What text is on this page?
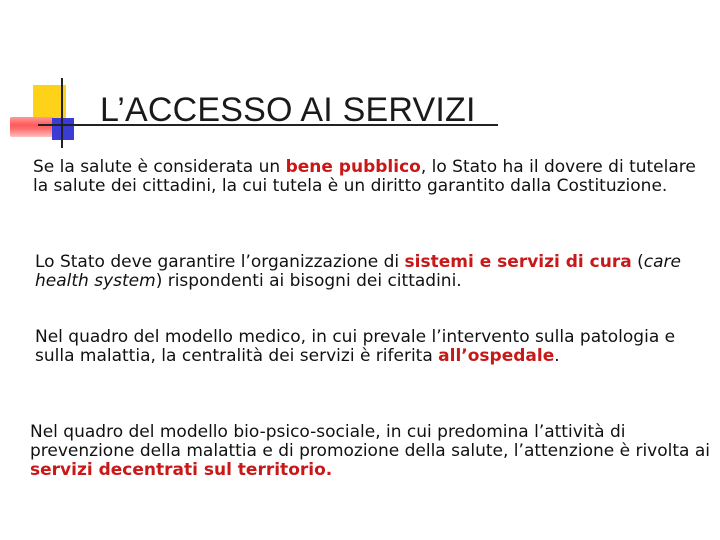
L’ACCESSO AI SERVIZI

Se la salute è considerata un bene pubblico, lo Stato ha il dovere di tutelare la salute dei cittadini, la cui tutela è un diritto garantito dalla Costituzione.

Lo Stato deve garantire l’organizzazione di sistemi e servizi di cura (care health system) rispondenti ai bisogni dei cittadini.

Nel quadro del modello medico, in cui prevale l’intervento sulla patologia e sulla malattia, la centralità dei servizi è riferita all’ospedale.

Nel quadro del modello bio-psico-sociale, in cui predomina l’attività di prevenzione della malattia e di promozione della salute, l’attenzione è rivolta ai servizi decentrati sul territorio.
